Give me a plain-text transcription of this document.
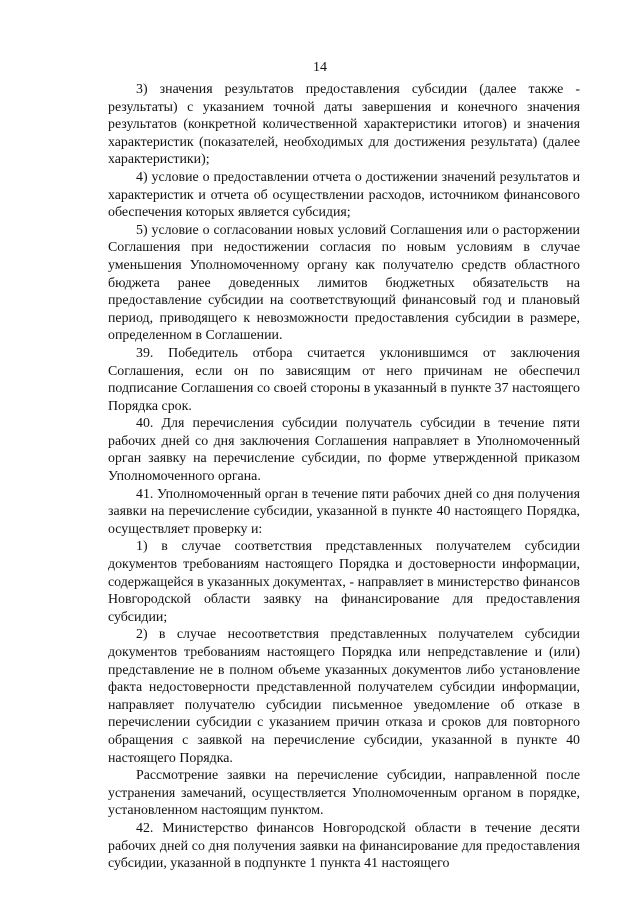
14

3) значения результатов предоставления субсидии (далее также - результаты) с указанием точной даты завершения и конечного значения результатов (конкретной количественной характеристики итогов) и значения характеристик (показателей, необходимых для достижения результата) (далее характеристики);

4) условие о предоставлении отчета о достижении значений результатов и характеристик и отчета об осуществлении расходов, источником финансового обеспечения которых является субсидия;

5) условие о согласовании новых условий Соглашения или о расторжении Соглашения при недостижении согласия по новым условиям в случае уменьшения Уполномоченному органу как получателю средств областного бюджета ранее доведенных лимитов бюджетных обязательств на предоставление субсидии на соответствующий финансовый год и плановый период, приводящего к невозможности предоставления субсидии в размере, определенном в Соглашении.

39. Победитель отбора считается уклонившимся от заключения Соглашения, если он по зависящим от него причинам не обеспечил подписание Соглашения со своей стороны в указанный в пункте 37 настоящего Порядка срок.

40. Для перечисления субсидии получатель субсидии в течение пяти рабочих дней со дня заключения Соглашения направляет в Уполномоченный орган заявку на перечисление субсидии, по форме утвержденной приказом Уполномоченного органа.

41. Уполномоченный орган в течение пяти рабочих дней со дня получения заявки на перечисление субсидии, указанной в пункте 40 настоящего Порядка, осуществляет проверку и:

1) в случае соответствия представленных получателем субсидии документов требованиям настоящего Порядка и достоверности информации, содержащейся в указанных документах, - направляет в министерство финансов Новгородской области заявку на финансирование для предоставления субсидии;

2) в случае несоответствия представленных получателем субсидии документов требованиям настоящего Порядка или непредставление и (или) представление не в полном объеме указанных документов либо установление факта недостоверности представленной получателем субсидии информации, направляет получателю субсидии письменное уведомление об отказе в перечислении субсидии с указанием причин отказа и сроков для повторного обращения с заявкой на перечисление субсидии, указанной в пункте 40 настоящего Порядка.

Рассмотрение заявки на перечисление субсидии, направленной после устранения замечаний, осуществляется Уполномоченным органом в порядке, установленном настоящим пунктом.

42. Министерство финансов Новгородской области в течение десяти рабочих дней со дня получения заявки на финансирование для предоставления субсидии, указанной в подпункте 1 пункта 41 настоящего
